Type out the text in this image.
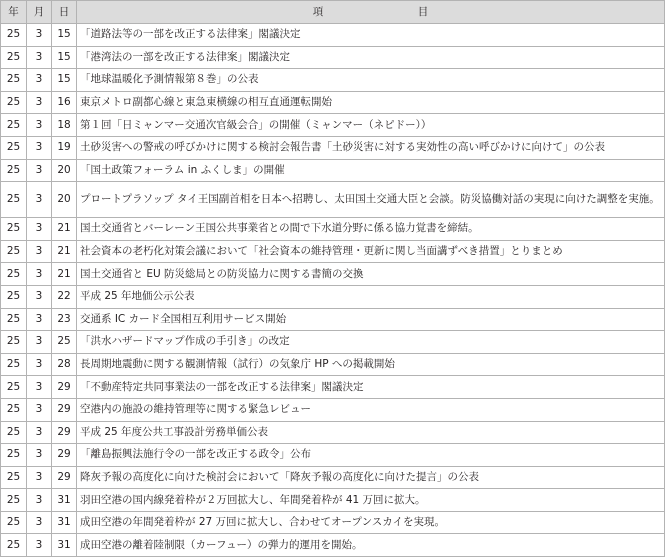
年	月	日	項　　　　　　　　　目
25	3	15	「道路法等の一部を改正する法律案」閣議決定
25	3	15	「港湾法の一部を改正する法律案」閣議決定
25	3	15	「地球温暖化予測情報第８巻」の公表
25	3	16	東京メトロ副都心線と東急東横線の相互直通運転開始
25	3	18	第１回「日ミャンマー交通次官級会合」の開催（ミャンマー（ネピドー））
25	3	19	土砂災害への警戒の呼びかけに関する検討会報告書「土砂災害に対する実効性の高い呼びかけに向けて」の公表
25	3	20	「国土政策フォーラム in ふくしま」の開催
25	3	20	プロートプラソップ タイ王国副首相を日本へ招聘し、太田国土交通大臣と会談。防災協働対話の実現に向けた調整を実施。
25	3	21	国土交通省とバーレーン王国公共事業省との間で下水道分野に係る協力覚書を締結。
25	3	21	社会資本の老朽化対策会議において「社会資本の維持管理・更新に関し当面講ずべき措置」とりまとめ
25	3	21	国土交通省と EU 防災総局との防災協力に関する書簡の交換
25	3	22	平成 25 年地価公示公表
25	3	23	交通系 IC カード全国相互利用サービス開始
25	3	25	「洪水ハザードマップ作成の手引き」の改定
25	3	28	長周期地震動に関する観測情報（試行）の気象庁 HP への掲載開始
25	3	29	「不動産特定共同事業法の一部を改正する法律案」閣議決定
25	3	29	空港内の施設の維持管理等に関する緊急レビュー
25	3	29	平成 25 年度公共工事設計労務単価公表
25	3	29	「離島振興法施行令の一部を改正する政令」公布
25	3	29	降灰予報の高度化に向けた検討会において「降灰予報の高度化に向けた提言」の公表
25	3	31	羽田空港の国内線発着枠が２万回拡大し、年間発着枠が 41 万回に拡大。
25	3	31	成田空港の年間発着枠が 27 万回に拡大し、合わせてオープンスカイを実現。
25	3	31	成田空港の離着陸制限（カーフュー）の弾力的運用を開始。
